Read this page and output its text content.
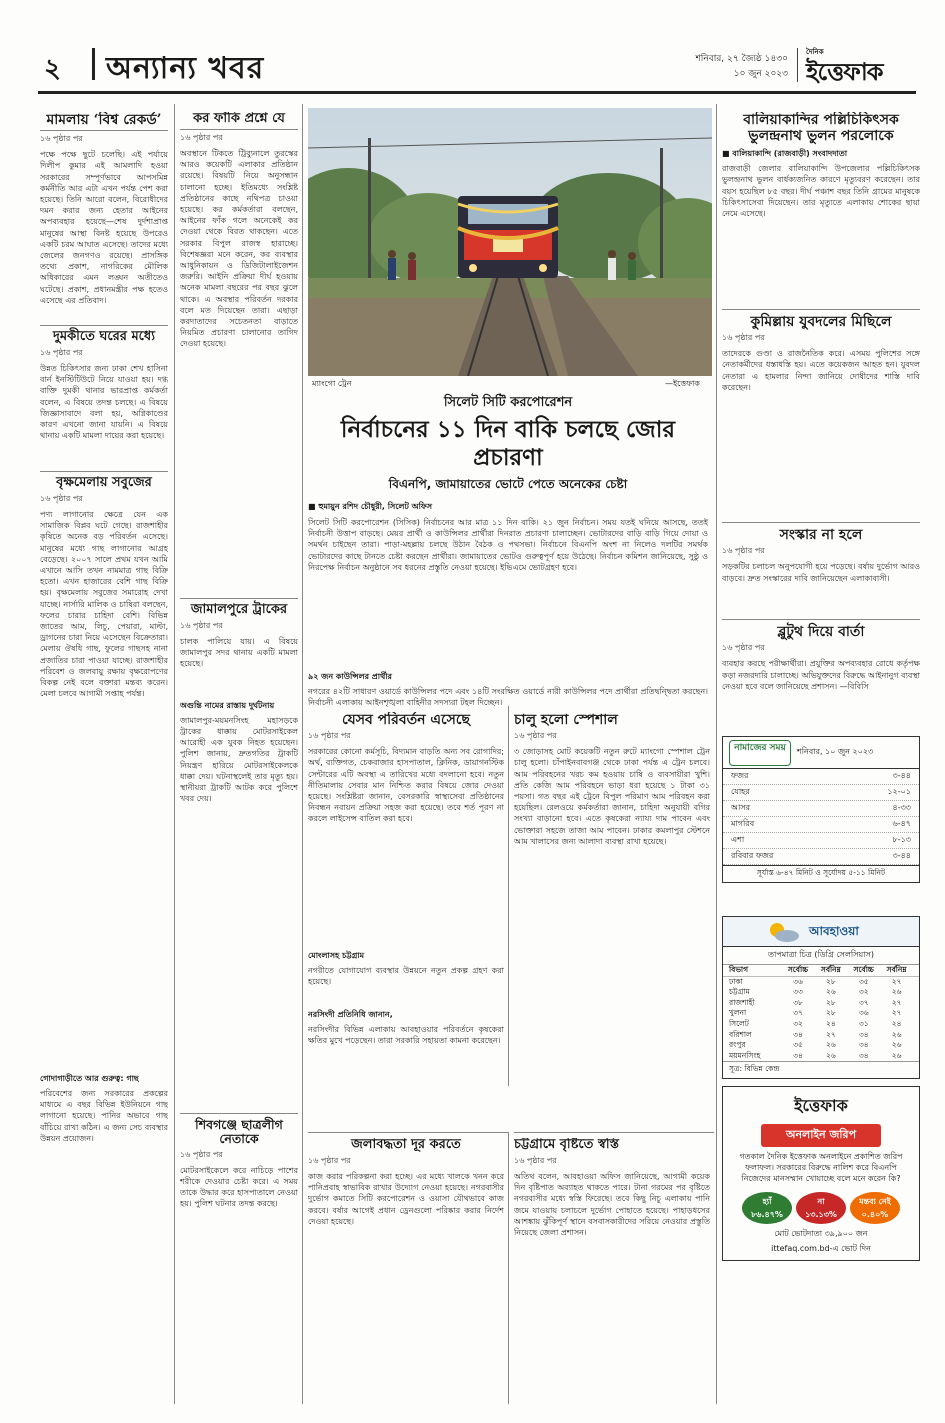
২ অন্যান্য খবর	শনিবার, ২৭ জ্যৈষ্ঠ ১৪৩০
১০ জুন ২০২৩
দৈনিক
ইত্তেফাক
মামলায় ‘বিশ্ব রেকর্ড’
১৬ পৃষ্ঠার পর
পক্ষে পক্ষে ছুটে চলেছি। এই পর্যায়ে দিলীপ কুমার এই আমলাদি হওয়া সরকারের সম্পূর্ণভাবে আপসমিন্ন কর্মনীতি আর এটা এখন পর্যন্ত পেশ করা হয়েছে। তিনি আরো বলেন, বিরোধীদের দমন করার জন্য হেতার আইনের অপব্যবহার হয়েছে—শেষ দুর্দশাপ্রাপ্ত মানুষের আস্থা বিনষ্ট হয়েছে উপরেও একটি চরম আঘাত এসেছে। তাদের মধ্যে জেলের জনগণও রয়েছে। প্রাসঙ্গিক তথ্যে প্রকাশ, নাগরিকের মৌলিক অধিকারের এমন লঙ্ঘন অতীতেও ঘটেছে। প্রকাশ, প্রধানমন্ত্রীর পক্ষ হতেও এসেছে এর প্রতিবাদ।
দুমকীতে ঘরের মধ্যে
১৬ পৃষ্ঠার পর
উন্নত চিকিৎসার জন্য ঢাকা শেখ হাসিনা বার্ন ইনস্টিটিউটে নিয়ে যাওয়া হয়। দগ্ধ বাক্তি দুমকী থানার ভারপ্রাপ্ত কর্মকর্তা বলেন, এ বিষয়ে তদন্ত চলছে। এ বিষয়ে জিজ্ঞাসাবাদে বলা হয়, অগ্নিকাণ্ডের কারণ এখনো জানা যায়নি। এ বিষয়ে থানায় একটি মামলা দায়ের করা হয়েছে।
বৃক্ষমেলায় সবুজের
১৬ পৃষ্ঠার পর
পণ্য লাগানোর ক্ষেত্রে যেন এক সামাজিক বিপ্লব ঘটে গেছে। রাজশাহীর কৃষিতে অনেক বড় পরিবর্তন এসেছে। মানুষের মধ্যে গাছ লাগানোর আগ্রহ বেড়েছে। ২০০৭ সালে প্রথম যখন আমি এখানে আসি তখন নামমাত্র গাছ বিক্রি হতো। এখন হাজারের বেশি গাছ বিক্রি হয়। বৃক্ষমেলায় সবুজের সমারোহ দেখা যাচ্ছে। নার্সারি মালিক ও চাষিরা বলছেন, ফলের চারার চাহিদা বেশি। বিভিন্ন জাতের আম, লিচু, পেয়ারা, মাল্টা, ড্রাগনের চারা নিয়ে এসেছেন বিক্রেতারা। মেলায় ঔষধি গাছ, ফুলের গাছসহ নানা প্রজাতির চারা পাওয়া যাচ্ছে। রাজশাহীর পরিবেশ ও জলবায়ু রক্ষায় বৃক্ষরোপণের বিকল্প নেই বলে বক্তারা মন্তব্য করেন। মেলা চলবে আগামী সপ্তাহ পর্যন্ত।
গোদাগাড়ীতে আর গুরুত্ব: গাছ
পরিবেশের জন্য সরকারের প্রকল্পের মাধ্যমে এ বছর বিভিন্ন ইউনিয়নে গাছ লাগানো হয়েছে। পানির অভাবে গাছ বাঁচিয়ে রাখা কঠিন। এ জন্য সেচ ব্যবস্থার উন্নয়ন প্রয়োজন।
কর ফাঁকি প্রশ্নে যে
১৬ পৃষ্ঠার পর
অবস্থানে টিকতে ট্রিব্যুনালে তুরস্কের আরও কয়েকটি এলাকার প্রতিষ্ঠান রয়েছে। বিষয়টি নিয়ে অনুসন্ধান চালানো হচ্ছে। ইতিমধ্যে সংশ্লিষ্ট প্রতিষ্ঠানের কাছে নথিপত্র চাওয়া হয়েছে। কর কর্মকর্তারা বলছেন, আইনের ফাঁক গলে অনেকেই কর দেওয়া থেকে বিরত থাকছেন। এতে সরকার বিপুল রাজস্ব হারাচ্ছে। বিশেষজ্ঞরা মনে করেন, কর ব্যবস্থার আধুনিকায়ন ও ডিজিটালাইজেশন জরুরি। আইনি প্রক্রিয়া দীর্ঘ হওয়ায় অনেক মামলা বছরের পর বছর ঝুলে থাকে। এ অবস্থার পরিবর্তন দরকার বলে মত দিয়েছেন তারা। এছাড়া করদাতাদের সচেতনতা বাড়াতে নিয়মিত প্রচারণা চালানোর তাগিদ দেওয়া হয়েছে।
জামালপুরে ট্রাকের
১৬ পৃষ্ঠার পর
চালক পালিয়ে যায়। এ বিষয়ে জামালপুর সদর থানায় একটি মামলা হয়েছে।
অগুন্তি নামের রাস্তায় দুর্ঘটনায়
জামালপুর-ময়মনসিংহ মহাসড়কে ট্রাকের ধাক্কায় মোটরসাইকেল আরোহী এক যুবক নিহত হয়েছেন। পুলিশ জানায়, দ্রুতগতির ট্রাকটি নিয়ন্ত্রণ হারিয়ে মোটরসাইকেলকে ধাক্কা দেয়। ঘটনাস্থলেই তার মৃত্যু হয়। স্থানীয়রা ট্রাকটি আটক করে পুলিশে খবর দেয়।
শিবগঞ্জে ছাত্রলীগ নেতাকে
১৬ পৃষ্ঠার পর
মোটরসাইকেলে করে নাচিড়ে পাশের শরীকে দেওয়ার চেষ্টা করে। এ সময় তাকে উদ্ধার করে হাসপাতালে নেওয়া হয়। পুলিশ ঘটনার তদন্ত করছে।
ম্যাংগো ট্রেন	—ইত্তেফাক
সিলেট সিটি করপোরেশন
নির্বাচনের ১১ দিন বাকি চলছে জোর প্রচারণা
বিএনপি, জামায়াতের ভোটে পেতে অনেকের চেষ্টা
■ হুমায়ুন রশিদ চৌধুরী, সিলেট অফিস
সিলেট সিটি করপোরেশন (সিসিক) নির্বাচনের আর মাত্র ১১ দিন বাকি। ২১ জুন নির্বাচন। সময় যতই ঘনিয়ে আসছে, ততই নির্বাচনী উত্তাপ বাড়ছে। মেয়র প্রার্থী ও কাউন্সিলর প্রার্থীরা দিনরাত প্রচারণা চালাচ্ছেন। ভোটারদের বাড়ি বাড়ি গিয়ে দোয়া ও সমর্থন চাইছেন তারা। পাড়া-মহল্লায় চলছে উঠান বৈঠক ও পথসভা। নির্বাচনে বিএনপি অংশ না নিলেও দলটির সমর্থক ভোটারদের কাছে টানতে চেষ্টা করছেন প্রার্থীরা। জামায়াতের ভোটও গুরুত্বপূর্ণ হয়ে উঠেছে। নির্বাচন কমিশন জানিয়েছে, সুষ্ঠু ও নিরপেক্ষ নির্বাচন অনুষ্ঠানে সব ধরনের প্রস্তুতি নেওয়া হয়েছে। ইভিএমে ভোটগ্রহণ হবে।
৯২ জন কাউন্সিলর প্রার্থীর
নগরের ৪২টি সাধারণ ওয়ার্ডে কাউন্সিলর পদে এবং ১৪টি সংরক্ষিত ওয়ার্ডে নারী কাউন্সিলর পদে প্রার্থীরা প্রতিদ্বন্দ্বিতা করছেন। নির্বাচনী এলাকায় আইনশৃঙ্খলা বাহিনীর সদস্যরা টহল দিচ্ছেন।
যেসব পরিবর্তন এসেছে
১৬ পৃষ্ঠার পর
সরকারের কোনো কর্মসূচি, বিদ্যমান বাড়তি অন্য সব রোগাদির; অর্থ, ব্যক্তিগত, চেকবাজার হাসপাতাল, ক্লিনিক, ডায়াগনস্টিক সেন্টারের এটি অবস্থা এ তারিখের মধ্যে বদলানো হবে। নতুন নীতিমালায় সেবার মান নিশ্চিত করার বিষয়ে জোর দেওয়া হয়েছে। সংশ্লিষ্টরা জানান, বেসরকারি স্বাস্থ্যসেবা প্রতিষ্ঠানের নিবন্ধন নবায়ন প্রক্রিয়া সহজ করা হয়েছে। তবে শর্ত পূরণ না করলে লাইসেন্স বাতিল করা হবে।
মোংলাসহ চট্টগ্রাম
নগরীতে যোগাযোগ ব্যবস্থার উন্নয়নে নতুন প্রকল্প গ্রহণ করা হয়েছে।
নরসিংদী প্রতিনিধি জানান,
নরসিংদীর বিভিন্ন এলাকায় আবহাওয়ার পরিবর্তনে কৃষকেরা ক্ষতির মুখে পড়েছেন। তারা সরকারি সহায়তা কামনা করেছেন।
চালু হলো স্পেশাল
১৬ পৃষ্ঠার পর
৩ জোড়াসহ মোট কয়েকটি নতুন রুটে ম্যাংগো স্পেশাল ট্রেন চালু হলো। চাঁপাইনবাবগঞ্জ থেকে ঢাকা পর্যন্ত এ ট্রেন চলবে। আম পরিবহনের খরচ কম হওয়ায় চাষি ও ব্যবসায়ীরা খুশি। প্রতি কেজি আম পরিবহনে ভাড়া ধরা হয়েছে ১ টাকা ৩১ পয়সা। গত বছর এই ট্রেনে বিপুল পরিমাণ আম পরিবহন করা হয়েছিল। রেলওয়ে কর্মকর্তারা জানান, চাহিদা অনুযায়ী বগির সংখ্যা বাড়ানো হবে। এতে কৃষকেরা ন্যায্য দাম পাবেন এবং ভোক্তারা সহজে তাজা আম পাবেন। ঢাকার কমলাপুর স্টেশনে আম খালাসের জন্য আলাদা ব্যবস্থা রাখা হয়েছে।
জলাবদ্ধতা দূর করতে
১৬ পৃষ্ঠার পর
কাজ করার পরিকল্পনা করা হচ্ছে। এর মধ্যে খালকে খনন করে পানিপ্রবাহ স্বাভাবিক রাখার উদ্যোগ নেওয়া হয়েছে। নগরবাসীর দুর্ভোগ কমাতে সিটি করপোরেশন ও ওয়াসা যৌথভাবে কাজ করবে। বর্ষার আগেই প্রধান ড্রেনগুলো পরিষ্কার করার নির্দেশ দেওয়া হয়েছে।
চট্টগ্রামে বৃষ্টিতে স্বস্তি
১৬ পৃষ্ঠার পর
অতিথ বলেন, আবহাওয়া অফিস জানিয়েছে, আগামী কয়েক দিন বৃষ্টিপাত অব্যাহত থাকতে পারে। টানা গরমের পর বৃষ্টিতে নগরবাসীর মধ্যে স্বস্তি ফিরেছে। তবে কিছু নিচু এলাকায় পানি জমে যাওয়ায় চলাচলে দুর্ভোগ পোহাতে হয়েছে। পাহাড়ধসের আশঙ্কায় ঝুঁকিপূর্ণ স্থানে বসবাসকারীদের সরিয়ে নেওয়ার প্রস্তুতি নিয়েছে জেলা প্রশাসন।
বালিয়াকান্দির পল্লিচিকিৎসক ভুলন্দ্রনাথ ভুলন পরলোকে
■ বালিয়াকান্দি (রাজবাড়ী) সংবাদদাতা
রাজবাড়ী জেলার বালিয়াকান্দি উপজেলার পল্লিচিকিৎসক ভুলন্দ্রনাথ ভুলন বার্ধক্যজনিত কারণে মৃত্যুবরণ করেছেন। তার বয়স হয়েছিল ৮৫ বছর। দীর্ঘ পঞ্চাশ বছর তিনি গ্রামের মানুষকে চিকিৎসাসেবা দিয়েছেন। তার মৃত্যুতে এলাকায় শোকের ছায়া নেমে এসেছে।
কুমিল্লায় যুবদলের মিছিলে
১৬ পৃষ্ঠার পর
তাদেরকে গুণ্ডা ও রাজনৈতিক করে। এসময় পুলিশের সঙ্গে নেতাকর্মীদের ধস্তাধস্তি হয়। এতে কয়েকজন আহত হন। যুবদল নেতারা এ হামলার নিন্দা জানিয়ে দোষীদের শাস্তি দাবি করেছেন।
সংস্কার না হলে
১৬ পৃষ্ঠার পর
সড়কটির চলাচল অনুপযোগী হয়ে পড়েছে। বর্ষায় দুর্ভোগ আরও বাড়বে। দ্রুত সংস্কারের দাবি জানিয়েছেন এলাকাবাসী।
ব্লুটুথ দিয়ে বার্তা
১৬ পৃষ্ঠার পর
ব্যবহার করছে পরীক্ষার্থীরা। প্রযুক্তির অপব্যবহার রোধে কর্তৃপক্ষ কড়া নজরদারি চালাচ্ছে। অভিযুক্তদের বিরুদ্ধে আইনানুগ ব্যবস্থা নেওয়া হবে বলে জানিয়েছে প্রশাসন। —বিবিসি
নামাজের সময়	শনিবার, ১০ জুন ২০২৩
ফজর	৩-৪৪
যোহর	১২-০১
আসর	৪-৩৩
মাগরিব	৬-৪৭
এশা	৮-১৩
রবিবার ফজর	৩-৪৪
সূর্যাস্ত ৬-৪৭ মিনিট ও সূর্যোদয় ৫-১১ মিনিট
আবহাওয়া
তাপমাত্রা চিত্র (ডিগ্রি সেলসিয়াস)
বিভাগ	সর্বোচ্চ	সর্বনিম্ন	সর্বোচ্চ	সর্বনিম্ন
ঢাকা	৩৬	২৮	৩৫	২৭
চট্টগ্রাম	৩৩	২৬	৩২	২৬
রাজশাহী	৩৮	২৮	৩৭	২৭
খুলনা	৩৭	২৮	৩৬	২৭
সিলেট	৩২	২৪	৩১	২৪
বরিশাল	৩৪	২৭	৩৪	২৬
রংপুর	৩৫	২৬	৩৪	২৬
ময়মনসিংহ	৩৪	২৬	৩৪	২৬
সূত্র: বিভিন্ন কেন্দ্র
ইত্তেফাক
অনলাইন জরিপ
গতকাল দৈনিক ইত্তেফাক অনলাইনে প্রকাশিত জরিপ ফলাফল। সরকারের বিরুদ্ধে নালিশ করে বিএনপি নিজেদের মানসম্মান খোয়াচ্ছে বলে মনে করেন কি?
হ্যাঁ
৮৬.৪৭%
না
১৩.১৩%
মন্তব্য নেই
০.৪০%
মোট ভোটদাতা ৩৯,৯০০ জন
ittefaq.com.bd-এ ভোট দিন
